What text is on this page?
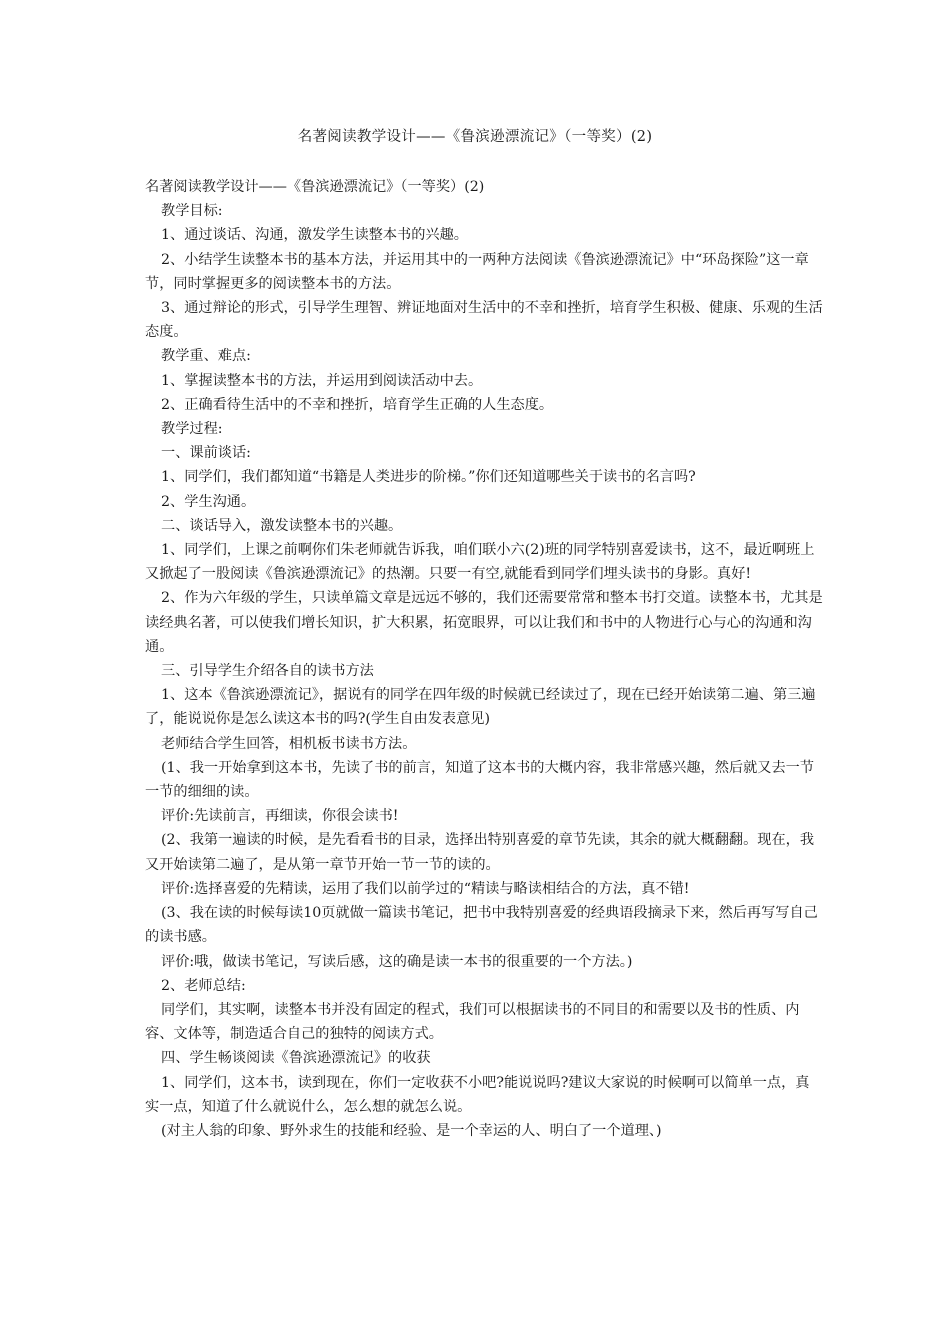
名著阅读教学设计——《鲁滨逊漂流记》（一等奖）(2)

名著阅读教学设计——《鲁滨逊漂流记》（一等奖）(2)

教学目标:

1、通过谈话、沟通，激发学生读整本书的兴趣。

2、小结学生读整本书的基本方法，并运用其中的一两种方法阅读《鲁滨逊漂流记》中“环岛探险”这一章节，同时掌握更多的阅读整本书的方法。

3、通过辩论的形式，引导学生理智、辨证地面对生活中的不幸和挫折，培育学生积极、健康、乐观的生活态度。

教学重、难点:

1、掌握读整本书的方法，并运用到阅读活动中去。

2、正确看待生活中的不幸和挫折，培育学生正确的人生态度。

教学过程:

一、课前谈话:

1、同学们，我们都知道“书籍是人类进步的阶梯。”你们还知道哪些关于读书的名言吗?

2、学生沟通。

二、谈话导入，激发读整本书的兴趣。

1、同学们，上课之前啊你们朱老师就告诉我，咱们联小六(2)班的同学特别喜爱读书，这不，最近啊班上又掀起了一股阅读《鲁滨逊漂流记》的热潮。只要一有空,就能看到同学们埋头读书的身影。真好!

2、作为六年级的学生，只读单篇文章是远远不够的，我们还需要常常和整本书打交道。读整本书，尤其是读经典名著，可以使我们增长知识，扩大积累，拓宽眼界，可以让我们和书中的人物进行心与心的沟通和沟通。

三、引导学生介绍各自的读书方法

1、这本《鲁滨逊漂流记》，据说有的同学在四年级的时候就已经读过了，现在已经开始读第二遍、第三遍了，能说说你是怎么读这本书的吗?(学生自由发表意见)

老师结合学生回答，相机板书读书方法。

(1、我一开始拿到这本书，先读了书的前言，知道了这本书的大概内容，我非常感兴趣，然后就又去一节一节的细细的读。

评价:先读前言，再细读，你很会读书!

(2、我第一遍读的时候，是先看看书的目录，选择出特别喜爱的章节先读，其余的就大概翻翻。现在，我又开始读第二遍了，是从第一章节开始一节一节的读的。

评价:选择喜爱的先精读，运用了我们以前学过的“精读与略读相结合的方法，真不错!

(3、我在读的时候每读10页就做一篇读书笔记，把书中我特别喜爱的经典语段摘录下来，然后再写写自己的读书感。

评价:哦，做读书笔记，写读后感，这的确是读一本书的很重要的一个方法。)

2、老师总结:

同学们，其实啊，读整本书并没有固定的程式，我们可以根据读书的不同目的和需要以及书的性质、内容、文体等，制造适合自己的独特的阅读方式。

四、学生畅谈阅读《鲁滨逊漂流记》的收获

1、同学们，这本书，读到现在，你们一定收获不小吧?能说说吗?建议大家说的时候啊可以简单一点，真实一点，知道了什么就说什么，怎么想的就怎么说。

(对主人翁的印象、野外求生的技能和经验、是一个幸运的人、明白了一个道理、)
